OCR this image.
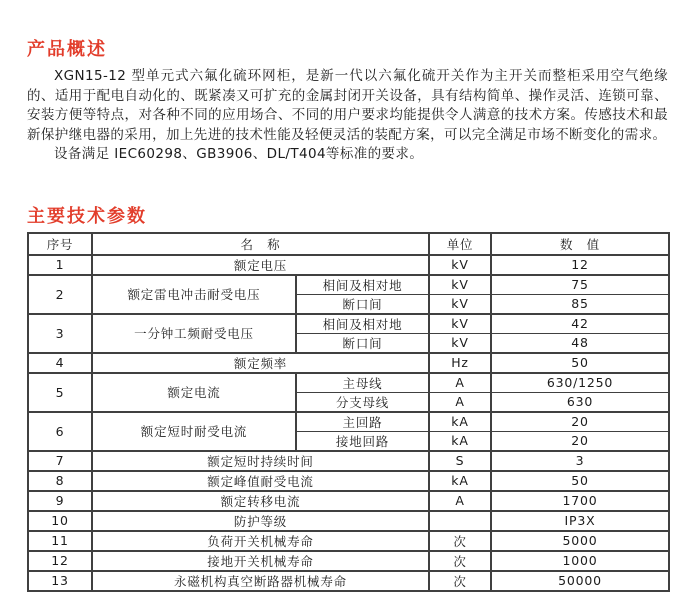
产品概述

XGN15-12 型单元式六氟化硫环网柜，是新一代以六氟化硫开关作为主开关而整柜采用空气绝缘的、适用于配电自动化的、既紧凑又可扩充的金属封闭开关设备，具有结构简单、操作灵活、连锁可靠、安装方便等特点，对各种不同的应用场合、不同的用户要求均能提供令人满意的技术方案。传感技术和最新保护继电器的采用，加上先进的技术性能及轻便灵活的装配方案，可以完全满足市场不断变化的需求。

设备满足 IEC60298、GB3906、DL/T404等标准的要求。

主要技术参数
序号	名　称		单位	数　值
1	额定电压		kV	12
2	额定雷电冲击耐受电压	相间及相对地	kV	75
		断口间	kV	85
3	一分钟工频耐受电压	相间及相对地	kV	42
		断口间	kV	48
4	额定频率		Hz	50
5	额定电流	主母线	A	630/1250
		分支母线	A	630
6	额定短时耐受电流	主回路	kA	20
		接地回路	kA	20
7	额定短时持续时间		S	3
8	额定峰值耐受电流		kA	50
9	额定转移电流		A	1700
10	防护等级			IP3X
11	负荷开关机械寿命		次	5000
12	接地开关机械寿命		次	1000
13	永磁机构真空断路器机械寿命		次	50000
